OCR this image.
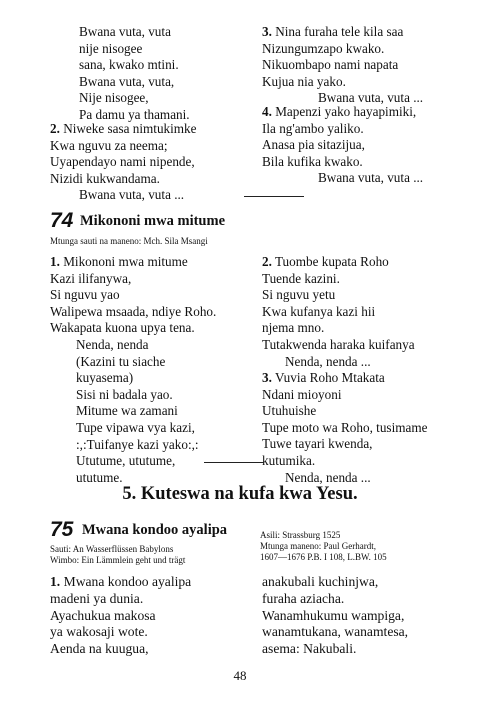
Bwana vuta, vuta
nije nisogee
sana, kwako mtini.
Bwana vuta, vuta,
Nije nisogee,
Pa damu ya thamani.
2. Niweke sasa nimtukimke
Kwa nguvu za neema;
Uyapendayo nami nipende,
Nizidi kukwandama.
Bwana vuta, vuta ...
3. Nina furaha tele kila saa
Nizungumzapo kwako.
Nikuombapo nami napata
Kujua nia yako.
Bwana vuta, vuta ...
4. Mapenzi yako hayapimiki,
Ila ng'ambo yaliko.
Anasa pia sitazijua,
Bila kufika kwako.
Bwana vuta, vuta ...
74 Mikononi mwa mitume
Mtunga sauti na maneno: Mch. Sila Msangi
1. Mikononi mwa mitume
Kazi ilifanywa,
Si nguvu yao
Walipewa msaada, ndiye Roho.
Wakapata kuona upya tena.
Nenda, nenda
(Kazini tu siache
kuyasema)
Sisi ni badala yao.
Mitume wa zamani
Tupe vipawa vya kazi,
:,:Tuifanye kazi yako:,:
Ututume, ututume,
ututume.
2. Tuombe kupata Roho
Tuende kazini.
Si nguvu yetu
Kwa kufanya kazi hii
njema mno.
Tutakwenda haraka kuifanya
Nenda, nenda ...
3. Vuvia Roho Mtakata
Ndani mioyoni
Utuhuishe
Tupe moto wa Roho, tusimame
Tuwe tayari kwenda,
kutumika.
Nenda, nenda ...
5. Kuteswa na kufa kwa Yesu.
75 Mwana kondoo ayalipa
Sauti: An Wasserflüssen Babylons
Wimbo: Ein Lämmlein geht und trägt
Asili: Strassburg 1525
Mtunga maneno: Paul Gerhardt,
1607—1676 P.B. I 108, L.BW. 105
1. Mwana kondoo ayalipa
madeni ya dunia.
Ayachukua makosa
ya wakosaji wote.
Aenda na kuugua,
anakubali kuchinjwa,
furaha aziacha.
Wanamhukumu wampiga,
wanamtukana, wanamtesa,
asema: Nakubali.
48
